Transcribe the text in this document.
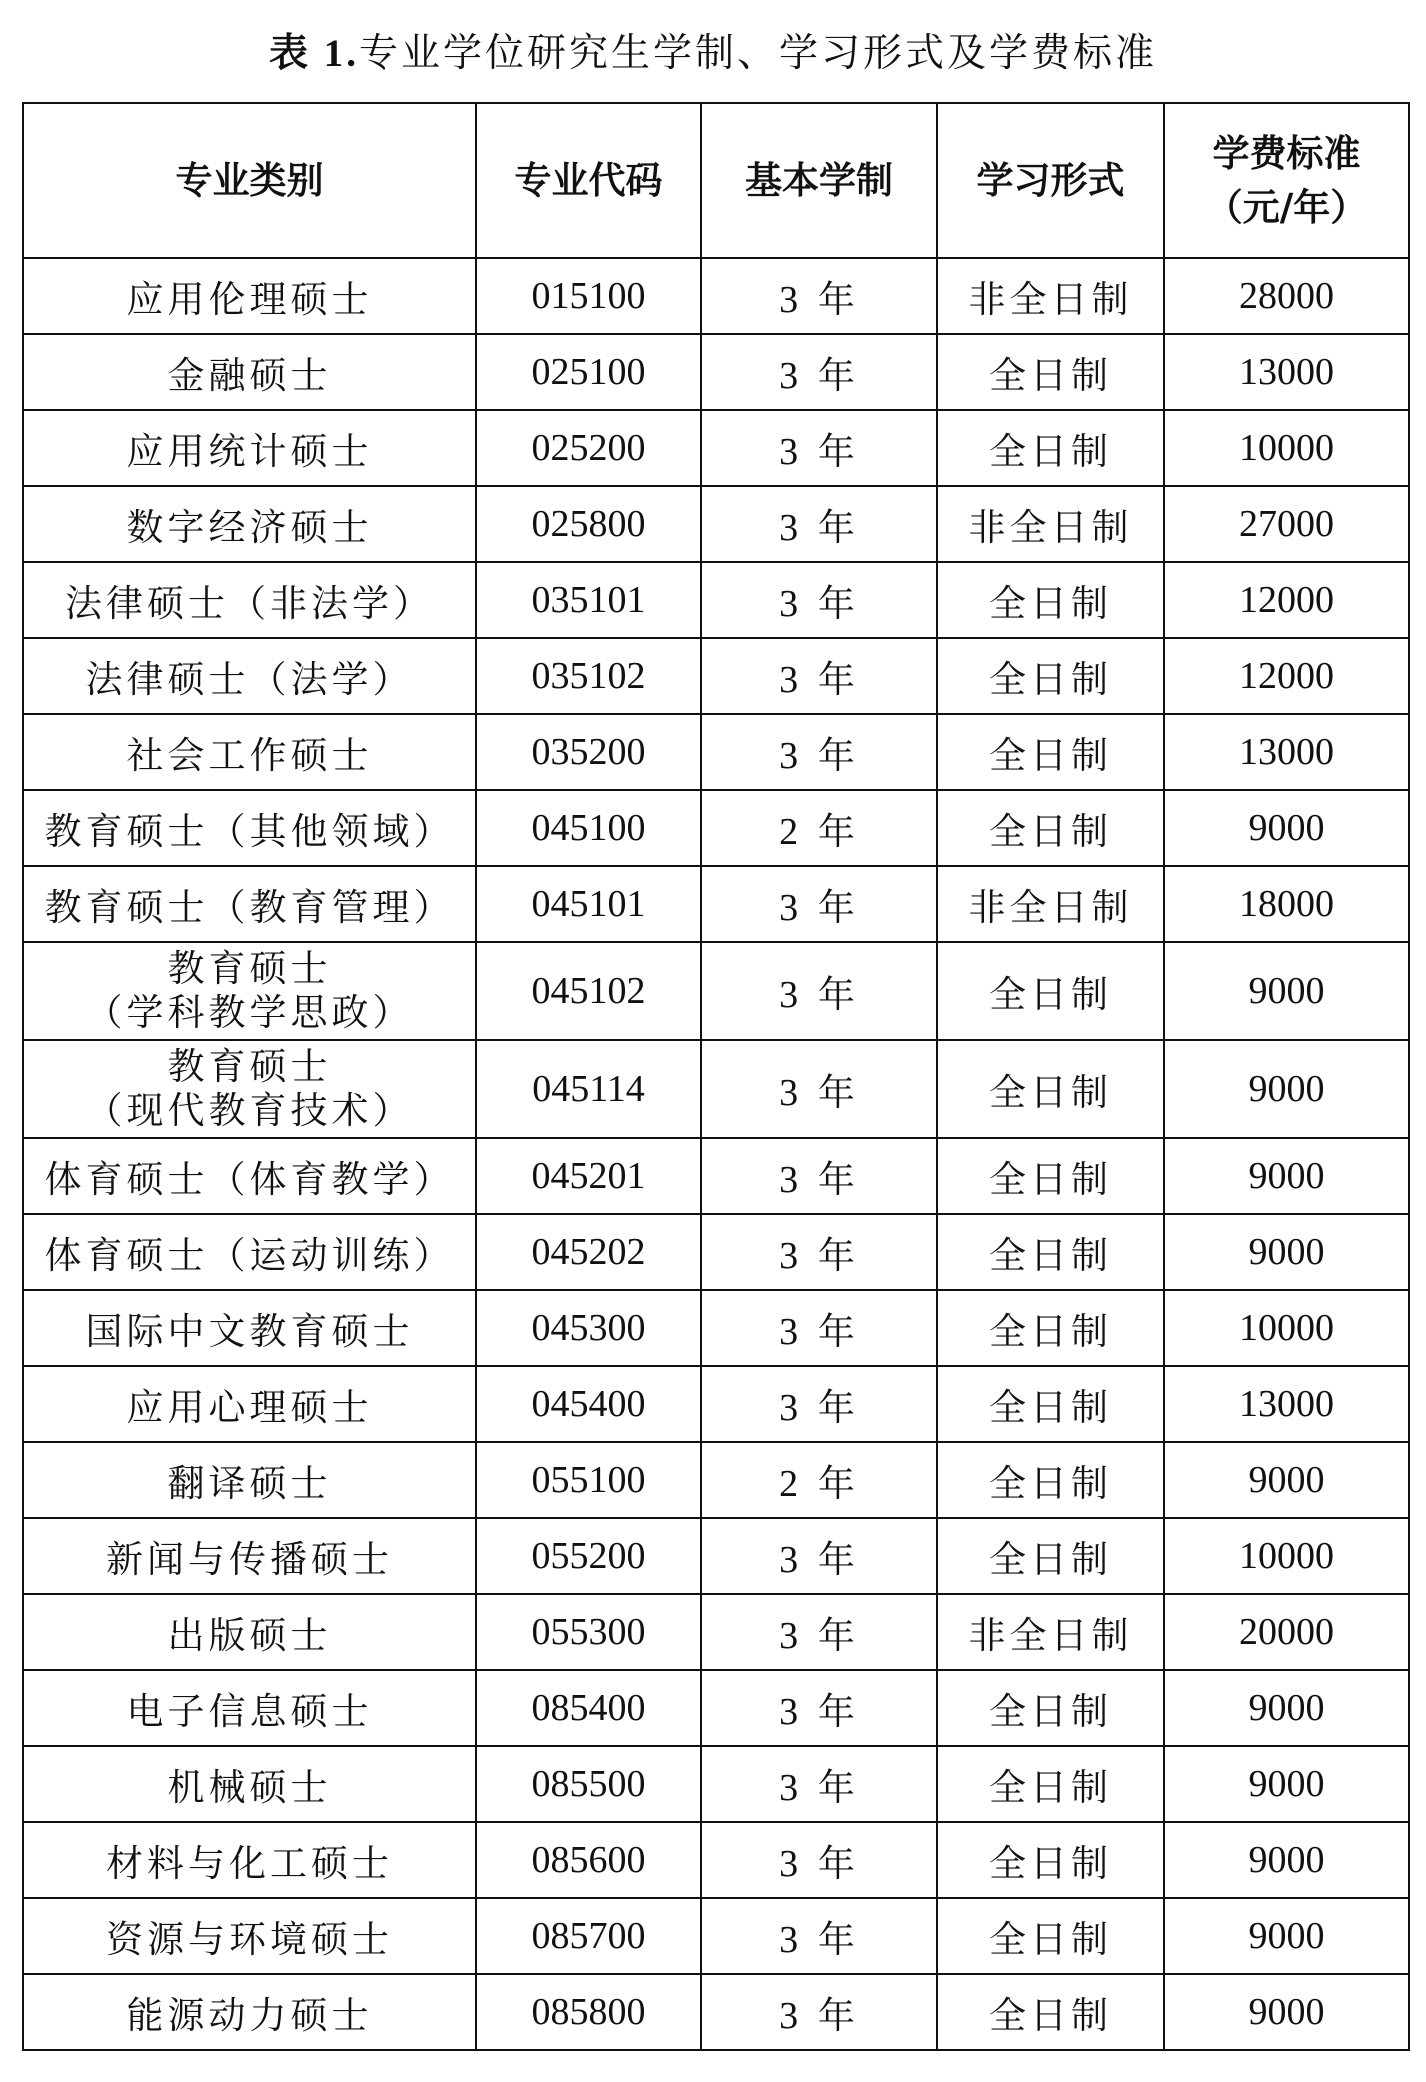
表 1.专业学位研究生学制、学习形式及学费标准
专业类别	专业代码	基本学制	学习形式	学费标准
（元/年）

应用伦理硕士	015100	3 年	非全日制	28000
金融硕士	025100	3 年	全日制	13000
应用统计硕士	025200	3 年	全日制	10000
数字经济硕士	025800	3 年	非全日制	27000
法律硕士（非法学）	035101	3 年	全日制	12000
法律硕士（法学）	035102	3 年	全日制	12000
社会工作硕士	035200	3 年	全日制	13000
教育硕士（其他领域）	045100	2 年	全日制	9000
教育硕士（教育管理）	045101	3 年	非全日制	18000

教育硕士
（学科教学思政）	045102	3 年	全日制	9000

教育硕士
（现代教育技术）	045114	3 年	全日制	9000
体育硕士（体育教学）	045201	3 年	全日制	9000
体育硕士（运动训练）	045202	3 年	全日制	9000
国际中文教育硕士	045300	3 年	全日制	10000
应用心理硕士	045400	3 年	全日制	13000
翻译硕士	055100	2 年	全日制	9000
新闻与传播硕士	055200	3 年	全日制	10000
出版硕士	055300	3 年	非全日制	20000
电子信息硕士	085400	3 年	全日制	9000
机械硕士	085500	3 年	全日制	9000
材料与化工硕士	085600	3 年	全日制	9000
资源与环境硕士	085700	3 年	全日制	9000
能源动力硕士	085800	3 年	全日制	9000
